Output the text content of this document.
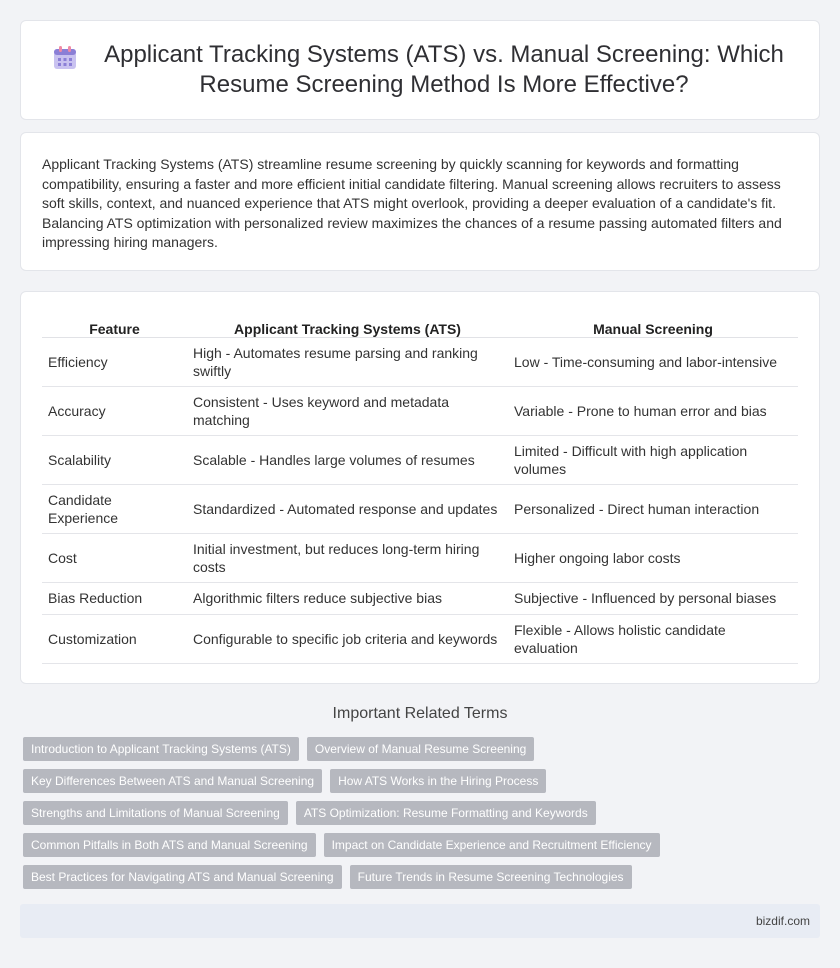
Applicant Tracking Systems (ATS) vs. Manual Screening: Which Resume Screening Method Is More Effective?

Applicant Tracking Systems (ATS) streamline resume screening by quickly scanning for keywords and formatting compatibility, ensuring a faster and more efficient initial candidate filtering. Manual screening allows recruiters to assess soft skills, context, and nuanced experience that ATS might overlook, providing a deeper evaluation of a candidate's fit. Balancing ATS optimization with personalized review maximizes the chances of a resume passing automated filters and impressing hiring managers.

Feature	Applicant Tracking Systems (ATS)	Manual Screening
Efficiency	High - Automates resume parsing and ranking swiftly	Low - Time-consuming and labor-intensive
Accuracy	Consistent - Uses keyword and metadata matching	Variable - Prone to human error and bias
Scalability	Scalable - Handles large volumes of resumes	Limited - Difficult with high application volumes
Candidate Experience	Standardized - Automated response and updates	Personalized - Direct human interaction
Cost	Initial investment, but reduces long-term hiring costs	Higher ongoing labor costs
Bias Reduction	Algorithmic filters reduce subjective bias	Subjective - Influenced by personal biases
Customization	Configurable to specific job criteria and keywords	Flexible - Allows holistic candidate evaluation
Important Related Terms
Introduction to Applicant Tracking Systems (ATS)	Overview of Manual Resume Screening
Key Differences Between ATS and Manual Screening	How ATS Works in the Hiring Process
Strengths and Limitations of Manual Screening	ATS Optimization: Resume Formatting and Keywords
Common Pitfalls in Both ATS and Manual Screening	Impact on Candidate Experience and Recruitment Efficiency
Best Practices for Navigating ATS and Manual Screening	Future Trends in Resume Screening Technologies
bizdif.com
